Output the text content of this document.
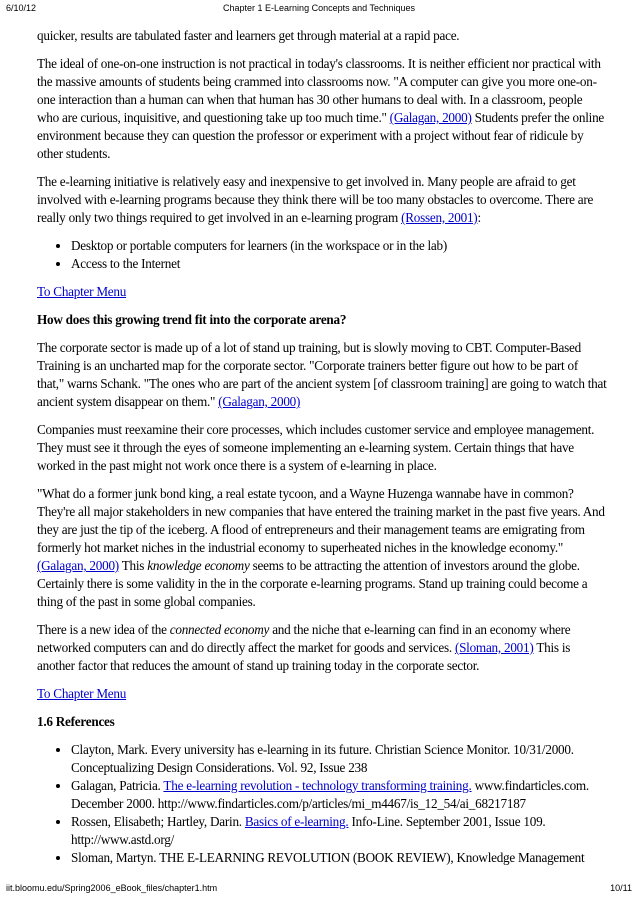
6/10/12	Chapter 1 E-Learning Concepts and Techniques

quicker, results are tabulated faster and learners get through material at a rapid pace.

The ideal of one-on-one instruction is not practical in today's classrooms. It is neither efficient nor practical with the massive amounts of students being crammed into classrooms now. "A computer can give you more one-on-one interaction than a human can when that human has 30 other humans to deal with. In a classroom, people who are curious, inquisitive, and questioning take up too much time." (Galagan, 2000) Students prefer the online environment because they can question the professor or experiment with a project without fear of ridicule by other students.

The e-learning initiative is relatively easy and inexpensive to get involved in. Many people are afraid to get involved with e-learning programs because they think there will be too many obstacles to overcome. There are really only two things required to get involved in an e-learning program (Rossen, 2001):

• Desktop or portable computers for learners (in the workspace or in the lab)
• Access to the Internet

To Chapter Menu

How does this growing trend fit into the corporate arena?

The corporate sector is made up of a lot of stand up training, but is slowly moving to CBT. Computer-Based Training is an uncharted map for the corporate sector. "Corporate trainers better figure out how to be part of that," warns Schank. "The ones who are part of the ancient system [of classroom training] are going to watch that ancient system disappear on them." (Galagan, 2000)

Companies must reexamine their core processes, which includes customer service and employee management. They must see it through the eyes of someone implementing an e-learning system. Certain things that have worked in the past might not work once there is a system of e-learning in place.

"What do a former junk bond king, a real estate tycoon, and a Wayne Huzenga wannabe have in common? They're all major stakeholders in new companies that have entered the training market in the past five years. And they are just the tip of the iceberg. A flood of entrepreneurs and their management teams are emigrating from formerly hot market niches in the industrial economy to superheated niches in the knowledge economy." (Galagan, 2000) This knowledge economy seems to be attracting the attention of investors around the globe. Certainly there is some validity in the in the corporate e-learning programs. Stand up training could become a thing of the past in some global companies.

There is a new idea of the connected economy and the niche that e-learning can find in an economy where networked computers can and do directly affect the market for goods and services. (Sloman, 2001) This is another factor that reduces the amount of stand up training today in the corporate sector.

To Chapter Menu

1.6 References
• Clayton, Mark. Every university has e-learning in its future. Christian Science Monitor. 10/31/2000. Conceptualizing Design Considerations. Vol. 92, Issue 238
• Galagan, Patricia. The e-learning revolution - technology transforming training. www.findarticles.com. December 2000. http://www.findarticles.com/p/articles/mi_m4467/is_12_54/ai_68217187
• Rossen, Elisabeth; Hartley, Darin. Basics of e-learning. Info-Line. September 2001, Issue 109. http://www.astd.org/
• Sloman, Martyn. THE E-LEARNING REVOLUTION (BOOK REVIEW), Knowledge Management
iit.bloomu.edu/Spring2006_eBook_files/chapter1.htm	10/11
